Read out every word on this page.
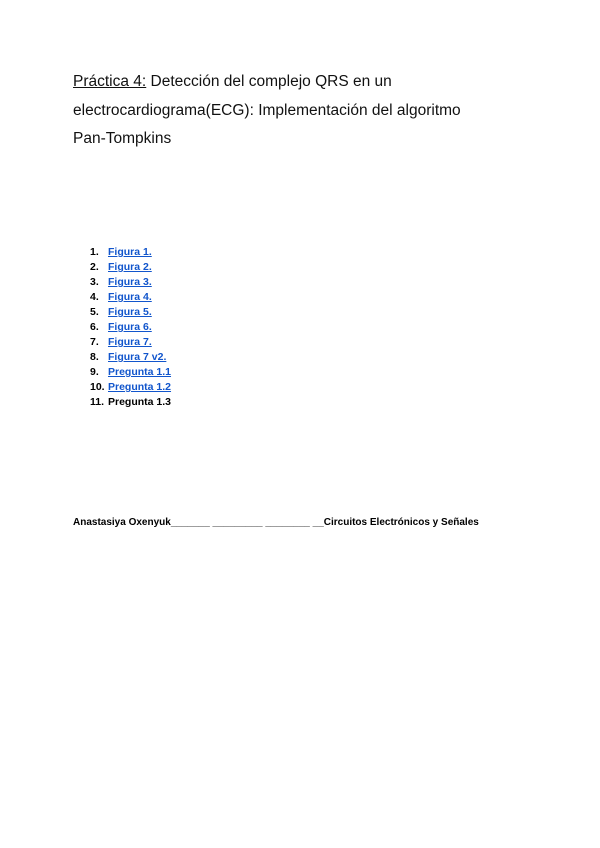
Práctica 4: Detección del complejo QRS en un
electrocardiograma(ECG): Implementación del algoritmo
Pan-Tompkins
1. Figura 1.
2. Figura 2.
3. Figura 3.
4. Figura 4.
5. Figura 5.
6. Figura 6.
7. Figura 7.
8. Figura 7 v2.
9. Pregunta 1.1
10. Pregunta 1.2
11. Pregunta 1.3
Anastasiya Oxenyuk_______ _________ ________ __Circuitos Electrónicos y Señales
